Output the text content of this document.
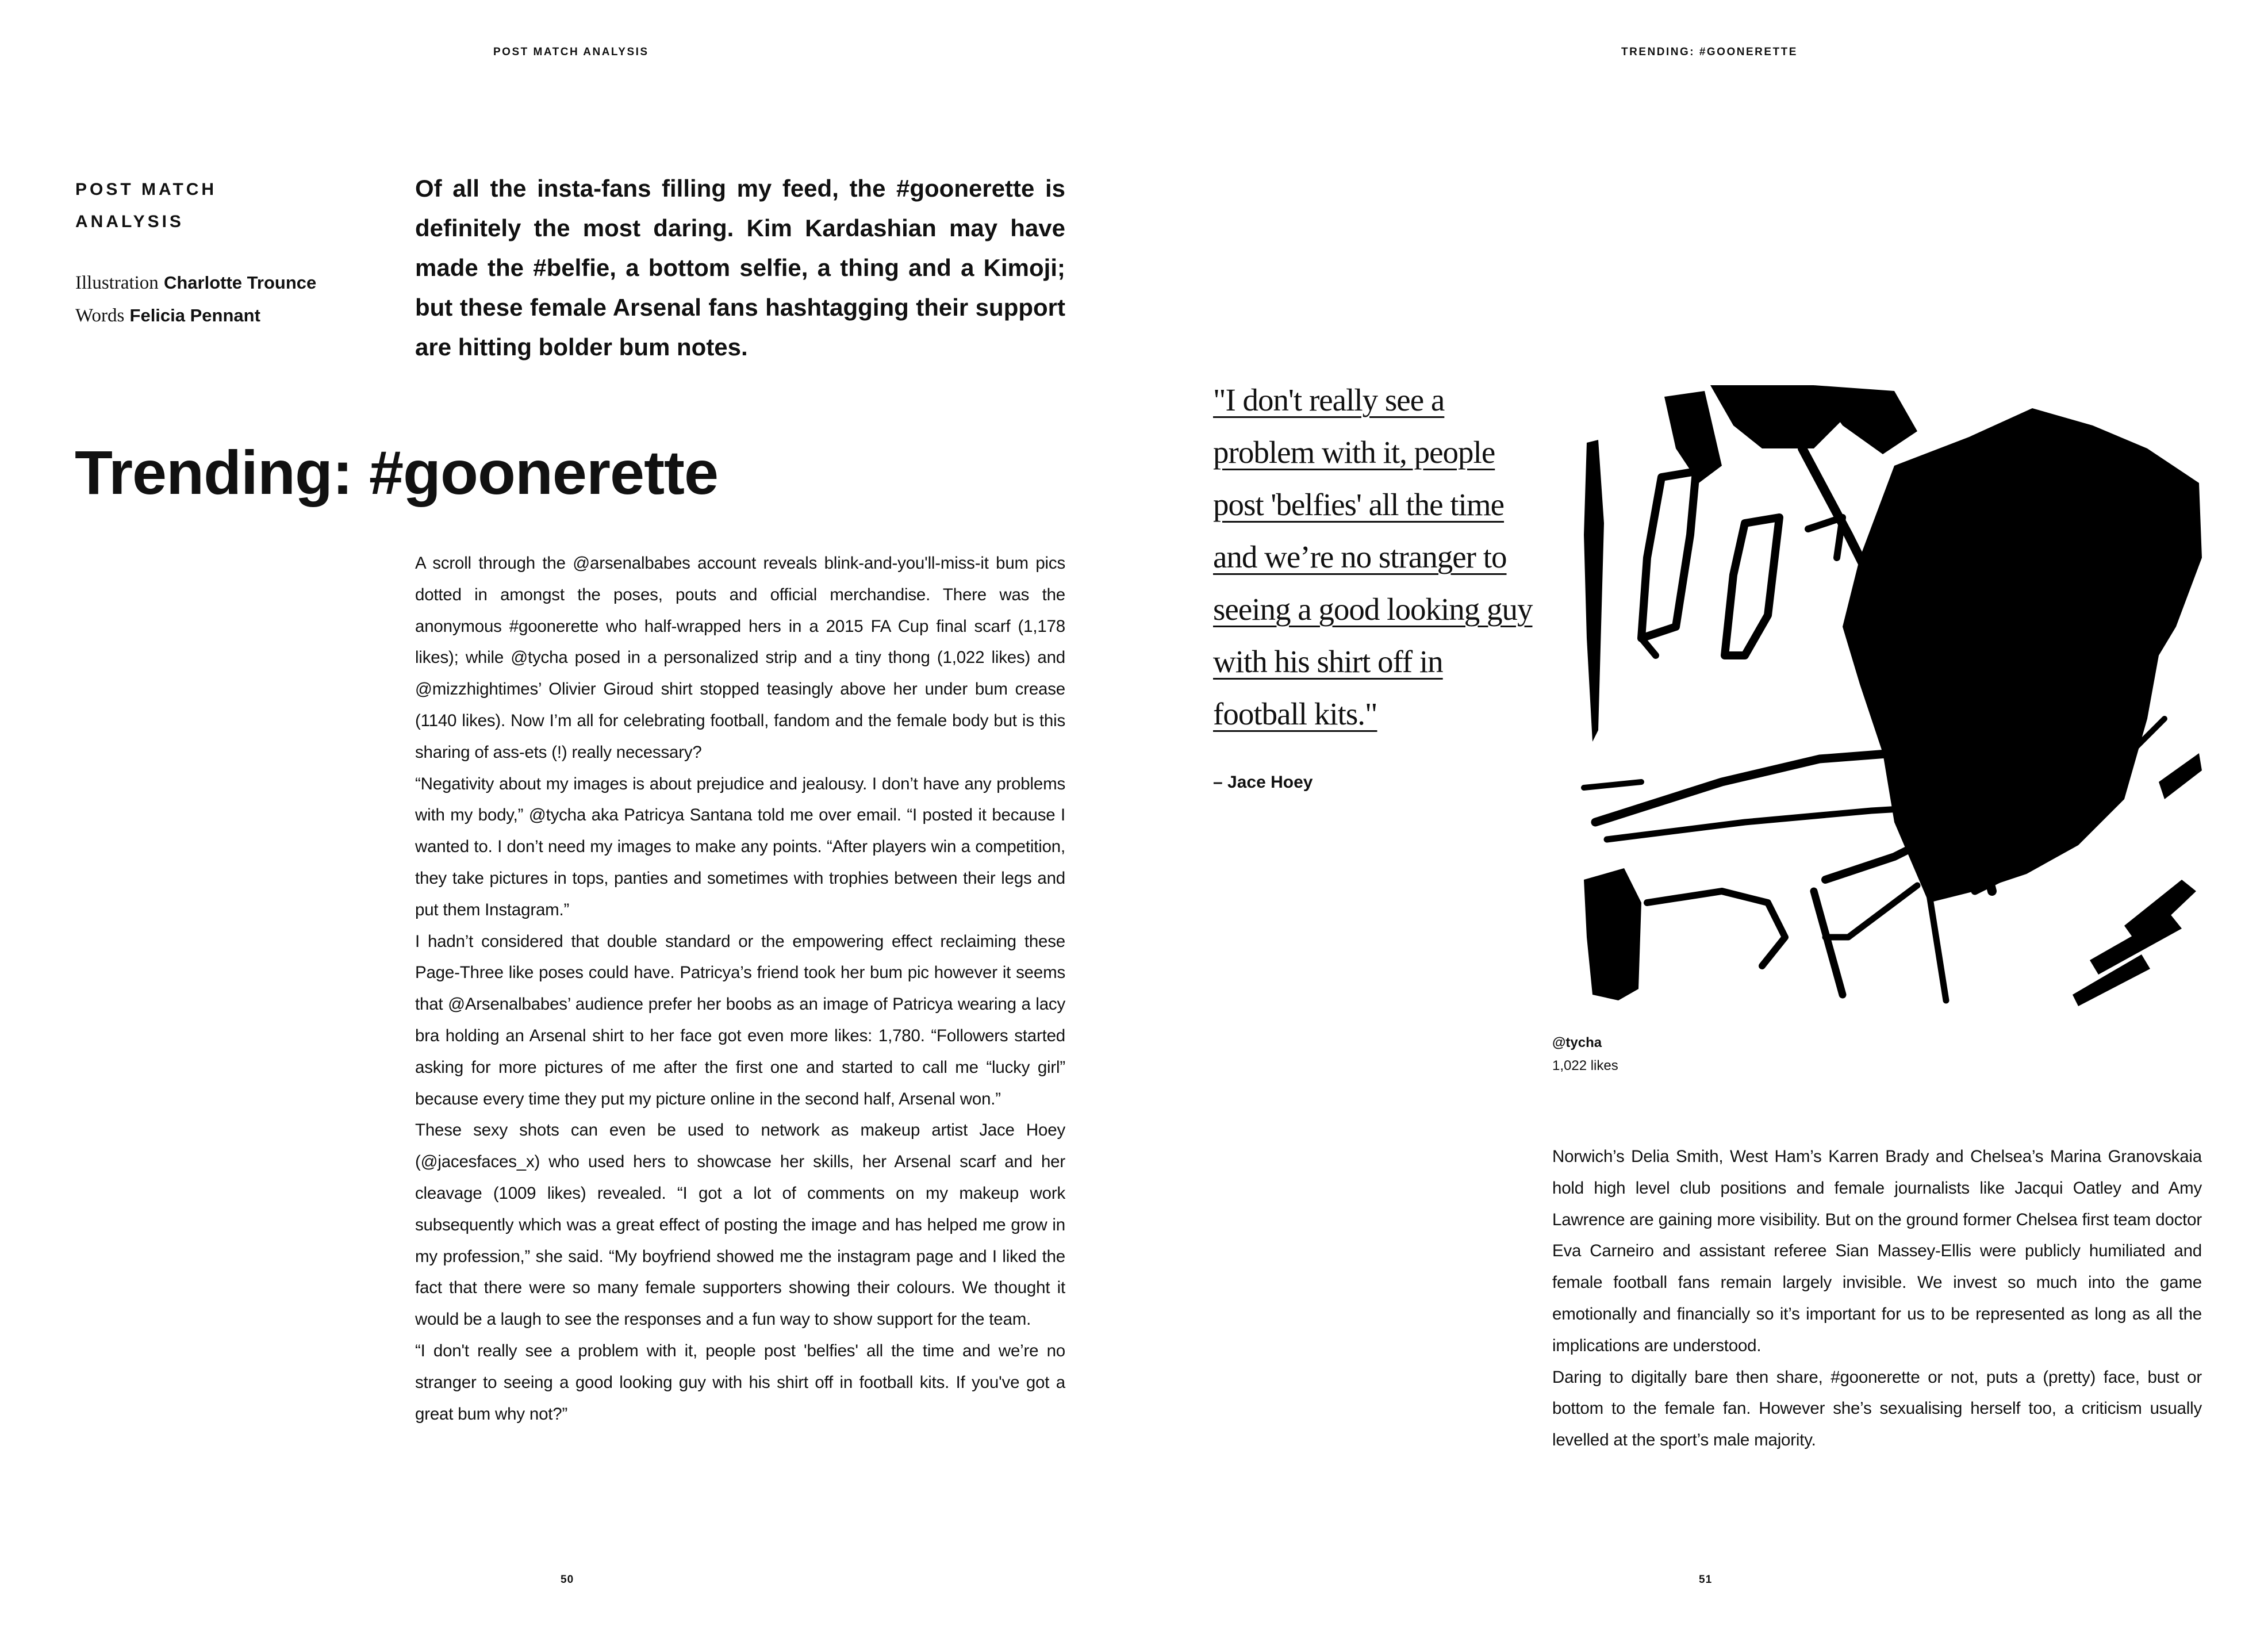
POST MATCH ANALYSIS	TRENDING: #GOONERETTE
POST MATCH ANALYSIS
Illustration Charlotte Trounce
Words Felicia Pennant
Of all the insta-fans filling my feed, the #goonerette is definitely the most daring. Kim Kardashian may have made the #belfie, a bottom selfie, a thing and a Kimoji; but these female Arsenal fans hashtagging their support are hitting bolder bum notes.
Trending: #goonerette

A scroll through the @arsenalbabes account reveals blink-and-you'll-miss-it bum pics dotted in amongst the poses, pouts and official merchandise. There was the anonymous #goonerette who half-wrapped hers in a 2015 FA Cup final scarf (1,178 likes); while @tycha posed in a personalized strip and a tiny thong (1,022 likes) and @mizzhightimes’ Olivier Giroud shirt stopped teasingly above her under bum crease (1140 likes). Now I’m all for celebrating football, fandom and the female body but is this sharing of ass-ets (!) really necessary?

“Negativity about my images is about prejudice and jealousy. I don’t have any problems with my body,” @tycha aka Patricya Santana told me over email. “I posted it because I wanted to. I don’t need my images to make any points. “After players win a competition, they take pictures in tops, panties and sometimes with trophies between their legs and put them Instagram.”

I hadn’t considered that double standard or the empowering effect reclaiming these Page-Three like poses could have. Patricya’s friend took her bum pic however it seems that @Arsenalbabes’ audience prefer her boobs as an image of Patricya wearing a lacy bra holding an Arsenal shirt to her face got even more likes: 1,780. “Followers started asking for more pictures of me after the first one and started to call me “lucky girl” because every time they put my picture online in the second half, Arsenal won.”

These sexy shots can even be used to network as makeup artist Jace Hoey (@jacesfaces_x) who used hers to showcase her skills, her Arsenal scarf and her cleavage (1009 likes) revealed. “I got a lot of comments on my makeup work subsequently which was a great effect of posting the image and has helped me grow in my profession,” she said. “My boyfriend showed me the instagram page and I liked the fact that there were so many female supporters showing their colours. We thought it would be a laugh to see the responses and a fun way to show support for the team.

“I don't really see a problem with it, people post 'belfies' all the time and we’re no stranger to seeing a good looking guy with his shirt off in football kits. If you've got a great bum why not?”

"I don't really see a problem with it, people post 'belfies' all the time and we’re no stranger to seeing a good looking guy with his shirt off in football kits."
– Jace Hoey
@tycha
1,022 likes

Norwich’s Delia Smith, West Ham’s Karren Brady and Chelsea’s Marina Granovskaia hold high level club positions and female journalists like Jacqui Oatley and Amy Lawrence are gaining more visibility. But on the ground former Chelsea first team doctor Eva Carneiro and assistant referee Sian Massey-Ellis were publicly humiliated and female football fans remain largely invisible. We invest so much into the game emotionally and financially so it’s important for us to be represented as long as all the implications are understood.

Daring to digitally bare then share, #goonerette or not, puts a (pretty) face, bust or bottom to the female fan. However she’s sexualising herself too, a criticism usually levelled at the sport’s male majority.

50	51
